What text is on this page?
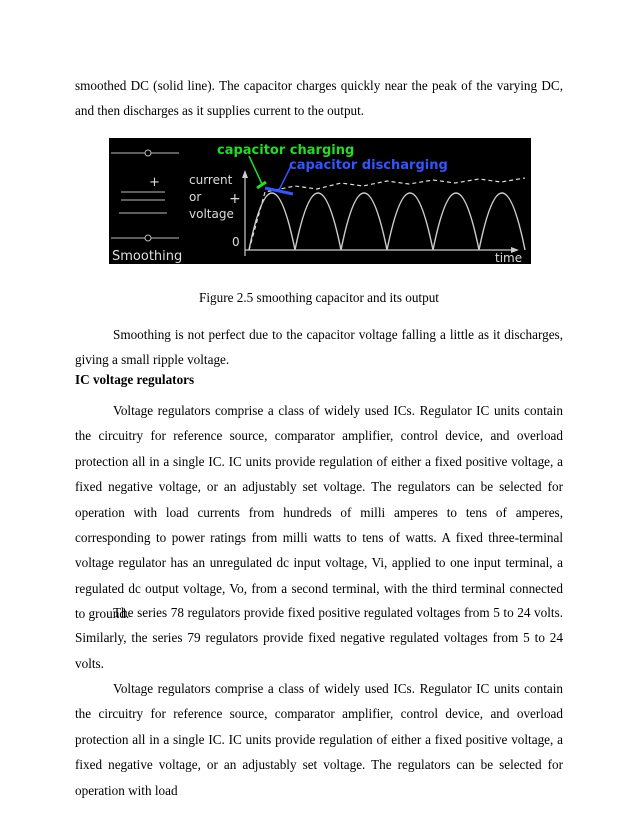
smoothed DC (solid line). The capacitor charges quickly near the peak of the varying DC, and then discharges as it supplies current to the output.

+
Smoothing
current
or
voltage
+
0
time
capacitor charging
capacitor discharging

Figure 2.5 smoothing capacitor and its output

Smoothing is not perfect due to the capacitor voltage falling a little as it discharges, giving a small ripple voltage.

IC voltage regulators

Voltage regulators comprise a class of widely used ICs. Regulator IC units contain the circuitry for reference source, comparator amplifier, control device, and overload protection all in a single IC. IC units provide regulation of either a fixed positive voltage, a fixed negative voltage, or an adjustably set voltage. The regulators can be selected for operation with load currents from hundreds of milli amperes to tens of amperes, corresponding to power ratings from milli watts to tens of watts. A fixed three-terminal voltage regulator has an unregulated dc input voltage, Vi, applied to one input terminal, a regulated dc output voltage, Vo, from a second terminal, with the third terminal connected to ground.

The series 78 regulators provide fixed positive regulated voltages from 5 to 24 volts. Similarly, the series 79 regulators provide fixed negative regulated voltages from 5 to 24 volts.

Voltage regulators comprise a class of widely used ICs. Regulator IC units contain the circuitry for reference source, comparator amplifier, control device, and overload protection all in a single IC. IC units provide regulation of either a fixed positive voltage, a fixed negative voltage, or an adjustably set voltage. The regulators can be selected for operation with load
